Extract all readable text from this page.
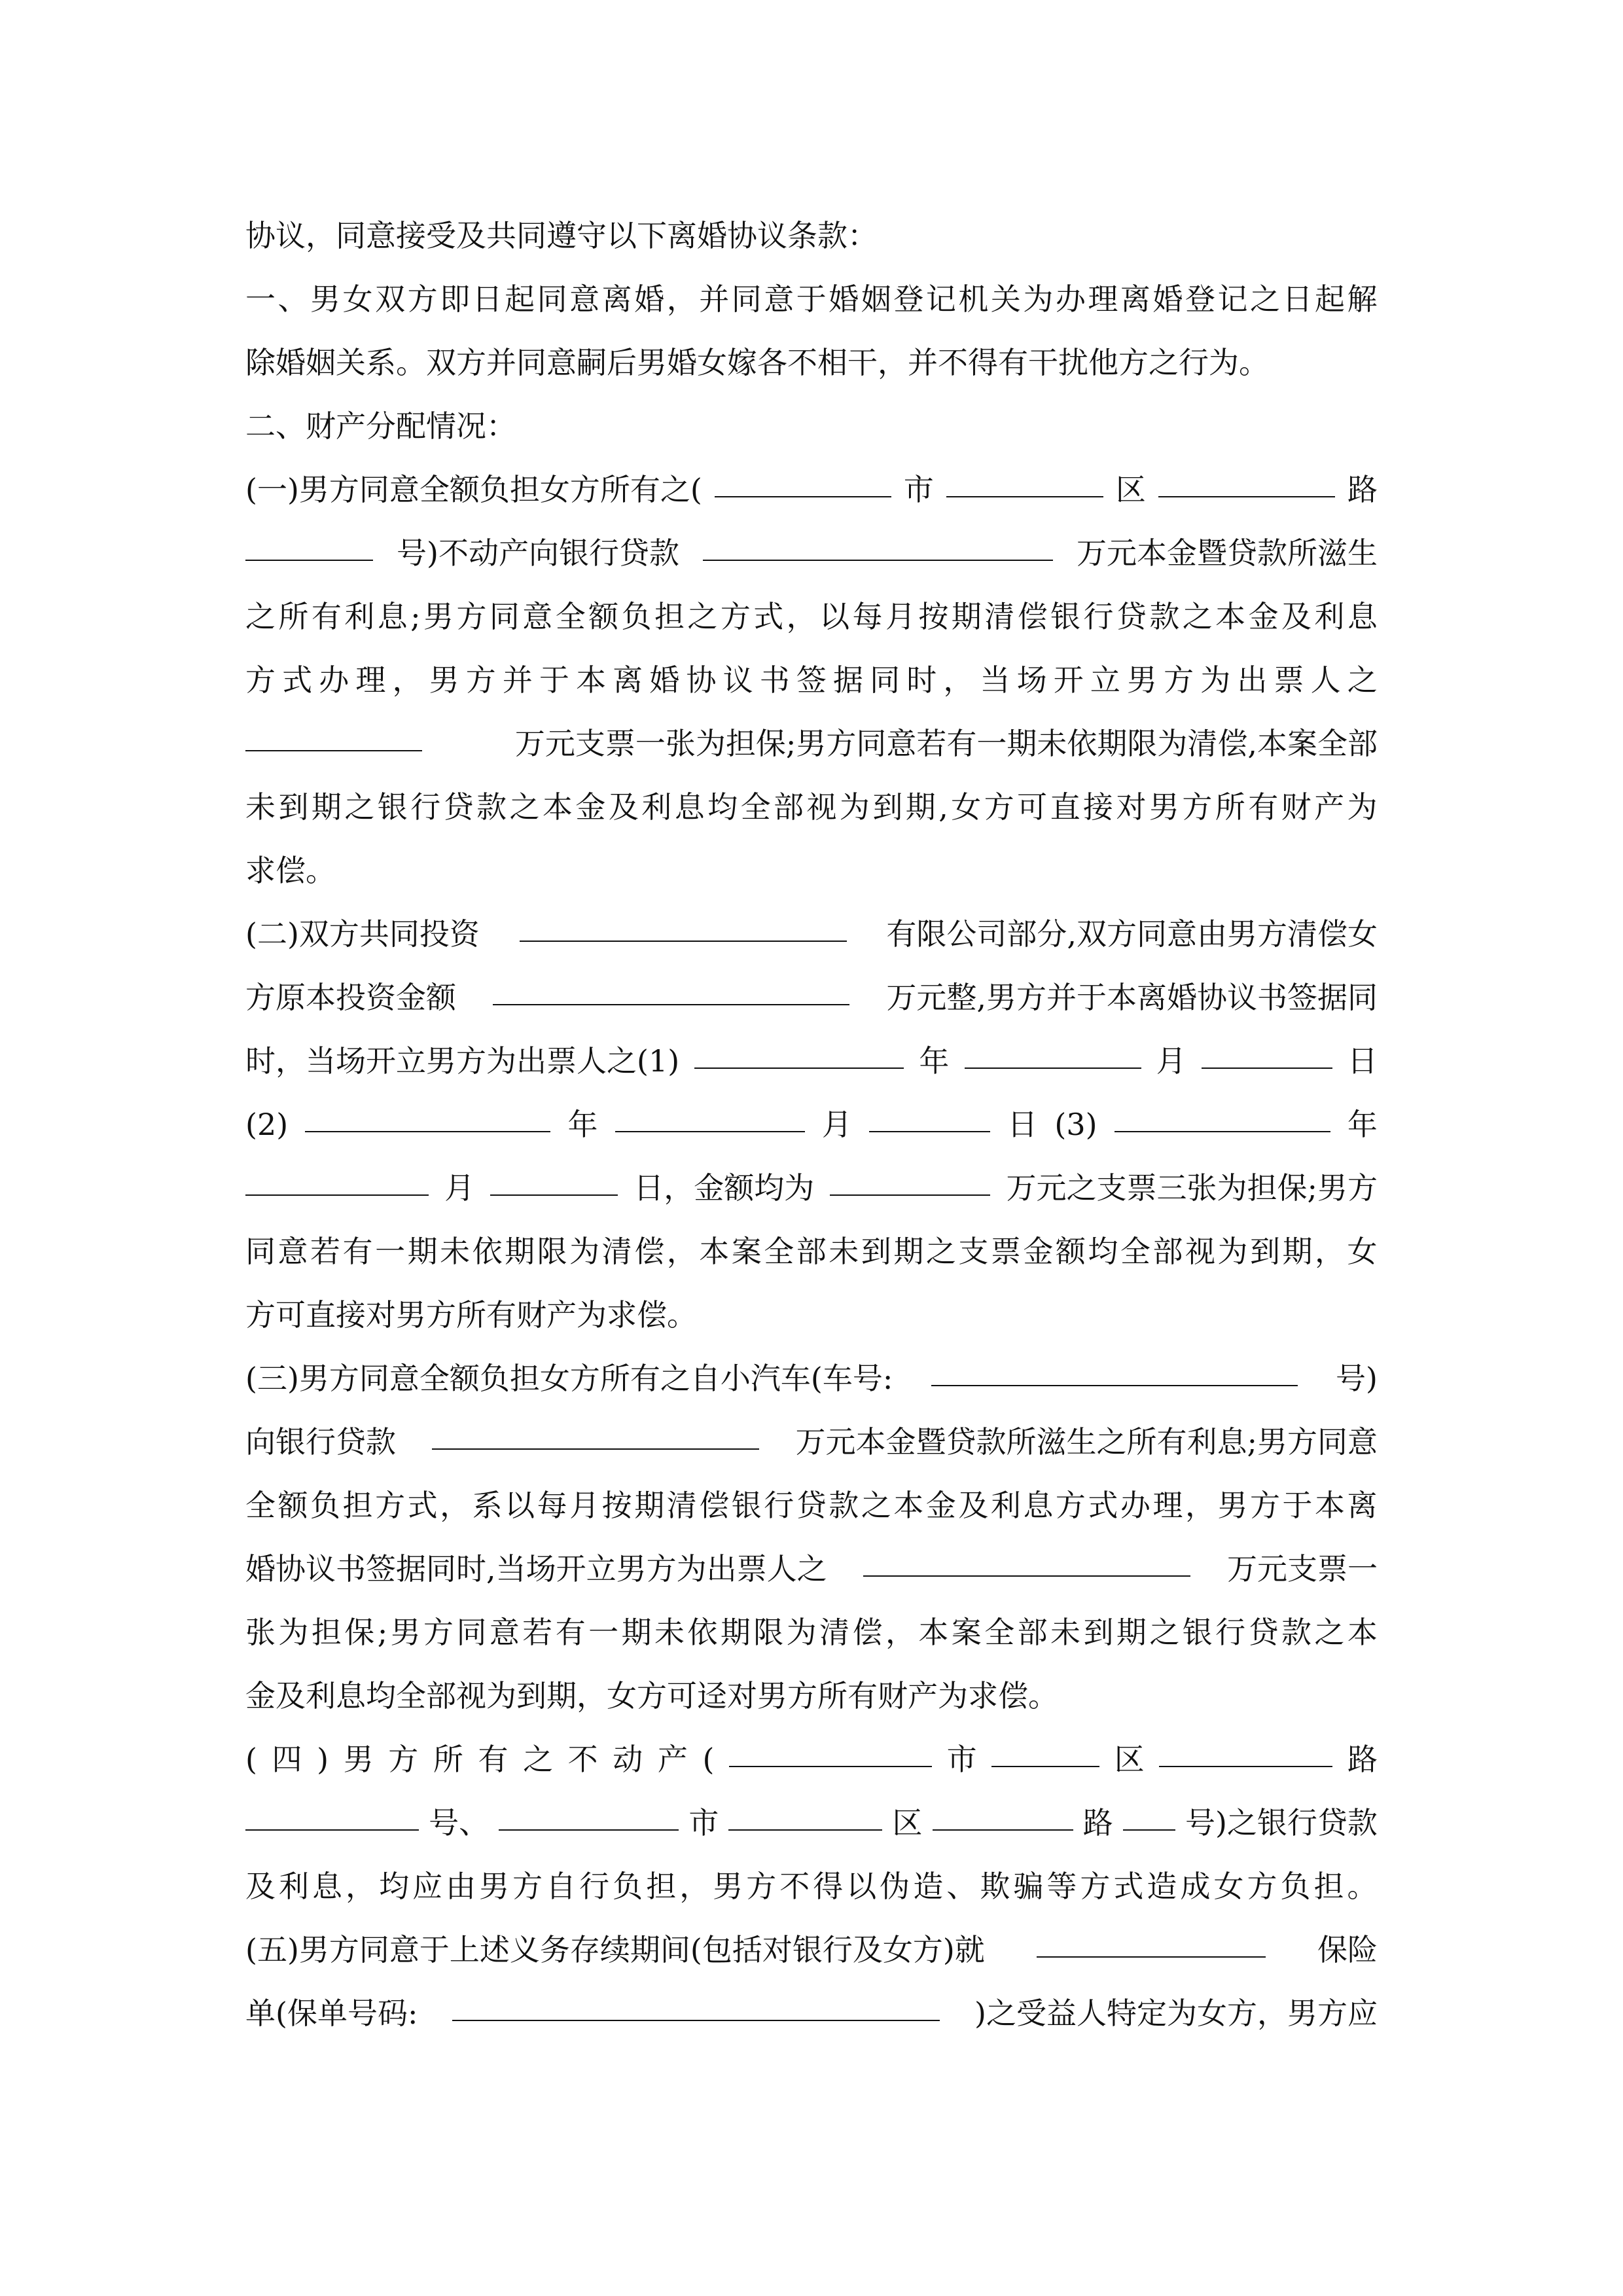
协议，同意接受及共同遵守以下离婚协议条款：
一 、 男 女 双 方 即 日 起 同 意 离 婚 ， 并 同 意 于 婚 姻 登 记 机 关 为 办 理 离 婚 登 记 之 日 起 解
除婚姻关系。双方并同意嗣后男婚女嫁各不相干，并不得有干扰他方之行为。
二、财产分配情况：
(一)男方同意全额负担女方所有之(	市	区	路
号)不动产向银行贷款	万元本金暨贷款所滋生
之 所 有 利 息 ; 男 方 同 意 全 额 负 担 之 方 式 ， 以 每 月 按 期 清 偿 银 行 贷 款 之 本 金 及 利 息
方 式 办 理 ， 男 方 并 于 本 离 婚 协 议 书 签 据 同 时 ， 当 场 开 立 男 方 为 出 票 人 之
万元支票一张为担保;男方同意若有一期未依期限为清偿,本案全部
未 到 期 之 银 行 贷 款 之 本 金 及 利 息 均 全 部 视 为 到 期 , 女 方 可 直 接 对 男 方 所 有 财 产 为
求偿。
(二)双方共同投资	有限公司部分,双方同意由男方清偿女
方原本投资金额	万元整,男方并于本离婚协议书签据同
时，当场开立男方为出票人之(1)	年	月	日
(2)	年	月	日 (3)	年
月	日，金额均为	万元之支票三张为担保;男方
同 意 若 有 一 期 未 依 期 限 为 清 偿 ， 本 案 全 部 未 到 期 之 支 票 金 额 均 全 部 视 为 到 期 ， 女
方可直接对男方所有财产为求偿。
(三)男方同意全额负担女方所有之自小汽车(车号:	号)
向银行贷款	万元本金暨贷款所滋生之所有利息;男方同意
全 额 负 担 方 式 ， 系 以 每 月 按 期 清 偿 银 行 贷 款 之 本 金 及 利 息 方 式 办 理 ， 男 方 于 本 离
婚协议书签据同时,当场开立男方为出票人之	万元支票一
张 为 担 保 ; 男 方 同 意 若 有 一 期 未 依 期 限 为 清 偿 ， 本 案 全 部 未 到 期 之 银 行 贷 款 之 本
金及利息均全部视为到期，女方可迳对男方所有财产为求偿。
( 四 ) 男 方 所 有 之 不 动 产 (	市	区	路
号、	市	区	路 号)之银行贷款
及 利 息 ， 均 应 由 男 方 自 行 负 担 ， 男 方 不 得 以 伪 造 、 欺 骗 等 方 式 造 成 女 方 负 担 。
(五)男方同意于上述义务存续期间(包括对银行及女方)就	保险
单(保单号码:	)之受益人特定为女方，男方应
